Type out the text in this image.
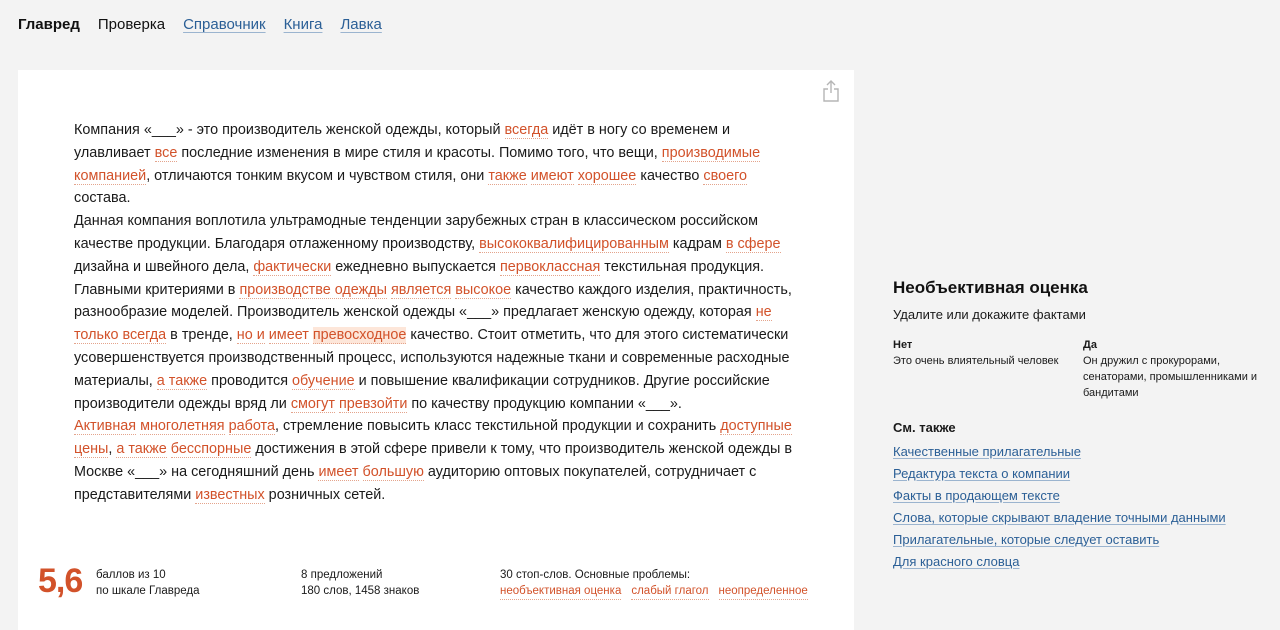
Главред Проверка Справочник Книга Лавка

Компания «___» - это производитель женской одежды, который всегда идёт в ногу со временем и улавливает все последние изменения в мире стиля и красоты. Помимо того, что вещи, производимые компанией, отличаются тонким вкусом и чувством стиля, они также имеют хорошее качество своего состава.

Данная компания воплотила ультрамодные тенденции зарубежных стран в классическом российском качестве продукции. Благодаря отлаженному производству, высококвалифицированным кадрам в сфере дизайна и швейного дела, фактически ежедневно выпускается первоклассная текстильная продукция. Главными критериями в производстве одежды является высокое качество каждого изделия, практичность, разнообразие моделей. Производитель женской одежды «___» предлагает женскую одежду, которая не только всегда в тренде, но и имеет превосходное качество. Стоит отметить, что для этого систематически усовершенствуется производственный процесс, используются надежные ткани и современные расходные материалы, а также проводится обучение и повышение квалификации сотрудников. Другие российские производители одежды вряд ли смогут превзойти по качеству продукцию компании «___».

Активная многолетняя работа, стремление повысить класс текстильной продукции и сохранить доступные цены, а также бесспорные достижения в этой сфере привели к тому, что производитель женской одежды в Москве «___» на сегодняшний день имеет большую аудиторию оптовых покупателей, сотрудничает с представителями известных розничных сетей.

5,6 баллов из 10
по шкале Главреда
8 предложений
180 слов, 1458 знаков
30 стоп-слов. Основные проблемы:
необъективная оценка слабый глагол неопределенное
Необъективная оценка
Удалите или докажите фактами
Нет
Это очень влиятельный человек
Да
Он дружил с прокурорами, сенаторами, промышленниками и бандитами
См. также
Качественные прилагательные
Редактура текста о компании
Факты в продающем тексте
Слова, которые скрывают владение точными данными
Прилагательные, которые следует оставить
Для красного словца
